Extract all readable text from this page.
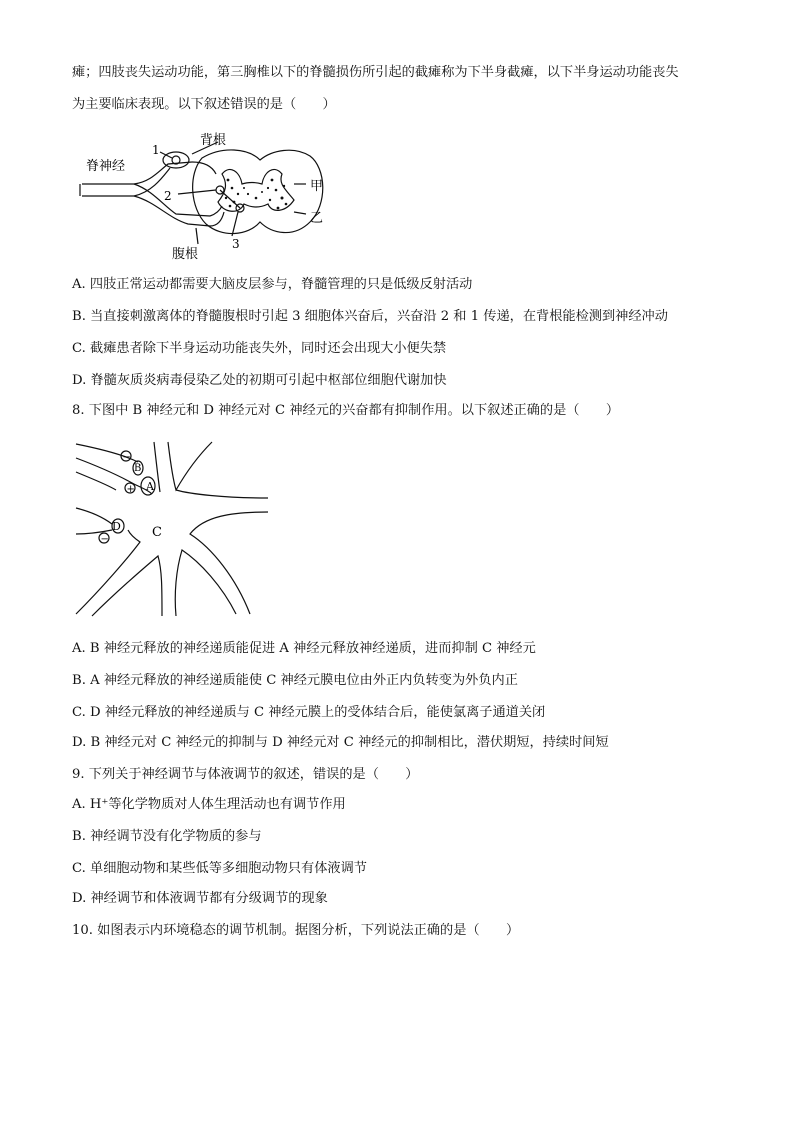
瘫；四肢丧失运动功能，第三胸椎以下的脊髓损伤所引起的截瘫称为下半身截瘫，以下半身运动功能丧失
为主要临床表现。以下叙述错误的是（　　）
脊神经
背根
腹根
甲
乙
1
2
3
A. 四肢正常运动都需要大脑皮层参与，脊髓管理的只是低级反射活动
B. 当直接刺激离体的脊髓腹根时引起 3 细胞体兴奋后，兴奋沿 2 和 1 传递，在背根能检测到神经冲动
C. 截瘫患者除下半身运动功能丧失外，同时还会出现大小便失禁
D. 脊髓灰质炎病毒侵染乙处的初期可引起中枢部位细胞代谢加快
8. 下图中 B 神经元和 D 神经元对 C 神经元的兴奋都有抑制作用。以下叙述正确的是（　　）
−
+
−
A
B
C
D
A. B 神经元释放的神经递质能促进 A 神经元释放神经递质，进而抑制 C 神经元
B. A 神经元释放的神经递质能使 C 神经元膜电位由外正内负转变为外负内正
C. D 神经元释放的神经递质与 C 神经元膜上的受体结合后，能使氯离子通道关闭
D. B 神经元对 C 神经元的抑制与 D 神经元对 C 神经元的抑制相比，潜伏期短，持续时间短
9. 下列关于神经调节与体液调节的叙述，错误的是（　　）
A. H⁺等化学物质对人体生理活动也有调节作用
B. 神经调节没有化学物质的参与
C. 单细胞动物和某些低等多细胞动物只有体液调节
D. 神经调节和体液调节都有分级调节的现象
10. 如图表示内环境稳态的调节机制。据图分析，下列说法正确的是（　　）
